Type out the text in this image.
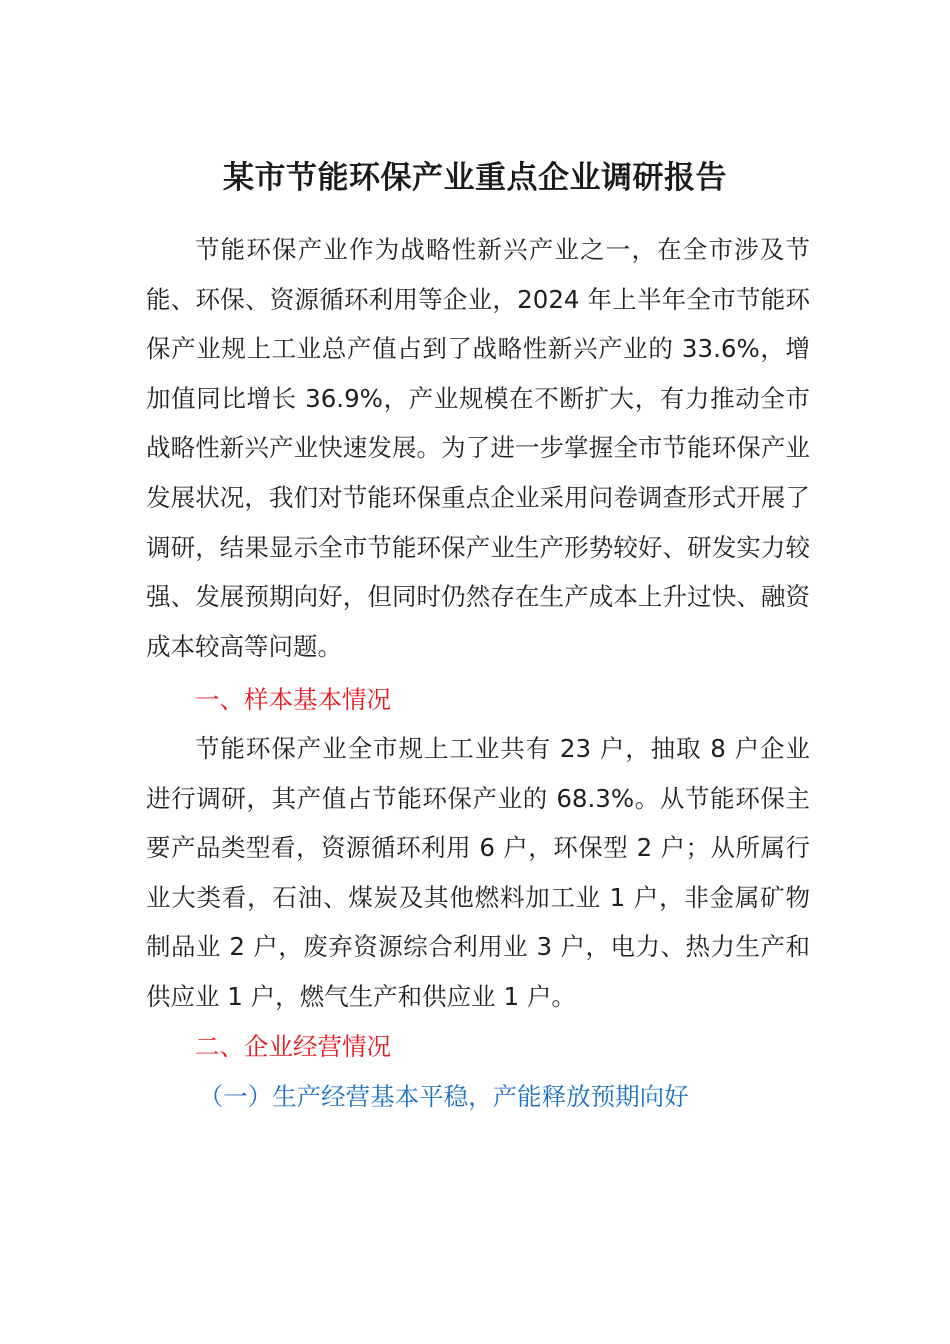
某市节能环保产业重点企业调研报告

节能环保产业作为战略性新兴产业之一，在全市涉及节能、环保、资源循环利用等企业，2024 年上半年全市节能环保产业规上工业总产值占到了战略性新兴产业的 33.6%，增加值同比增长 36.9%，产业规模在不断扩大，有力推动全市战略性新兴产业快速发展。为了进一步掌握全市节能环保产业发展状况，我们对节能环保重点企业采用问卷调查形式开展了调研，结果显示全市节能环保产业生产形势较好、研发实力较强、发展预期向好，但同时仍然存在生产成本上升过快、融资成本较高等问题。

一、样本基本情况

节能环保产业全市规上工业共有 23 户，抽取 8 户企业进行调研，其产值占节能环保产业的 68.3%。从节能环保主要产品类型看，资源循环利用 6 户，环保型 2 户；从所属行业大类看，石油、煤炭及其他燃料加工业 1 户，非金属矿物制品业 2 户，废弃资源综合利用业 3 户，电力、热力生产和供应业 1 户，燃气生产和供应业 1 户。

二、企业经营情况

（一）生产经营基本平稳，产能释放预期向好
